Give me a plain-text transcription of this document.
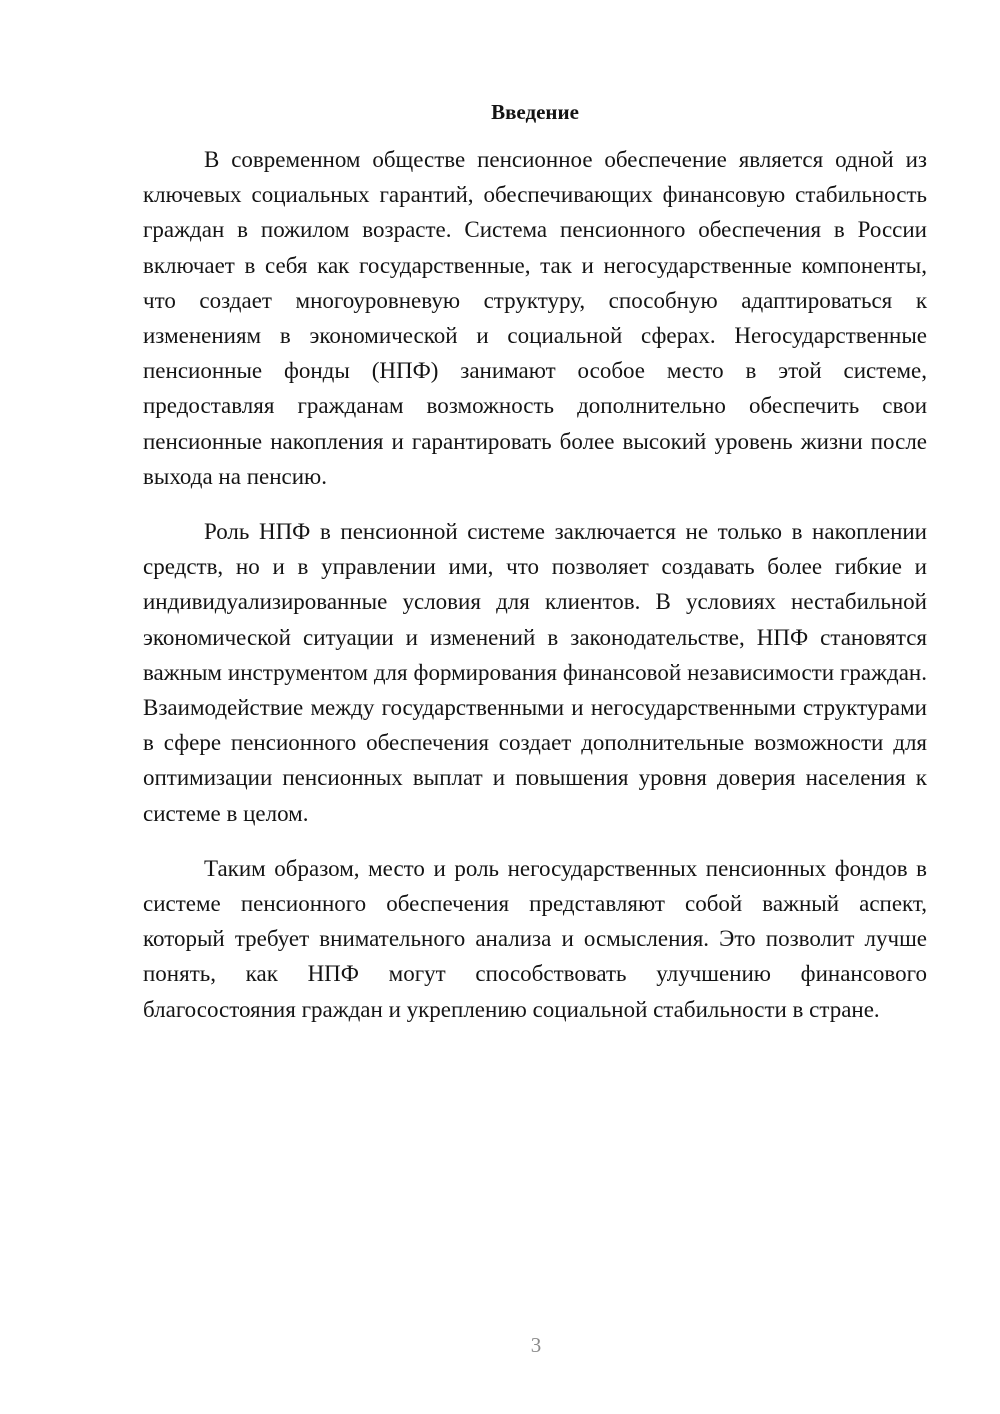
Введение

В современном обществе пенсионное обеспечение является одной из ключевых социальных гарантий, обеспечивающих финансовую стабильность граждан в пожилом возрасте. Система пенсионного обеспечения в России включает в себя как государственные, так и негосударственные компоненты, что создает многоуровневую структуру, способную адаптироваться к изменениям в экономической и социальной сферах. Негосударственные пенсионные фонды (НПФ) занимают особое место в этой системе, предоставляя гражданам возможность дополнительно обеспечить свои пенсионные накопления и гарантировать более высокий уровень жизни после выхода на пенсию.

Роль НПФ в пенсионной системе заключается не только в накоплении средств, но и в управлении ими, что позволяет создавать более гибкие и индивидуализированные условия для клиентов. В условиях нестабильной экономической ситуации и изменений в законодательстве, НПФ становятся важным инструментом для формирования финансовой независимости граждан. Взаимодействие между государственными и негосударственными структурами в сфере пенсионного обеспечения создает дополнительные возможности для оптимизации пенсионных выплат и повышения уровня доверия населения к системе в целом.

Таким образом, место и роль негосударственных пенсионных фондов в системе пенсионного обеспечения представляют собой важный аспект, который требует внимательного анализа и осмысления. Это позволит лучше понять, как НПФ могут способствовать улучшению финансового благосостояния граждан и укреплению социальной стабильности в стране.

3
